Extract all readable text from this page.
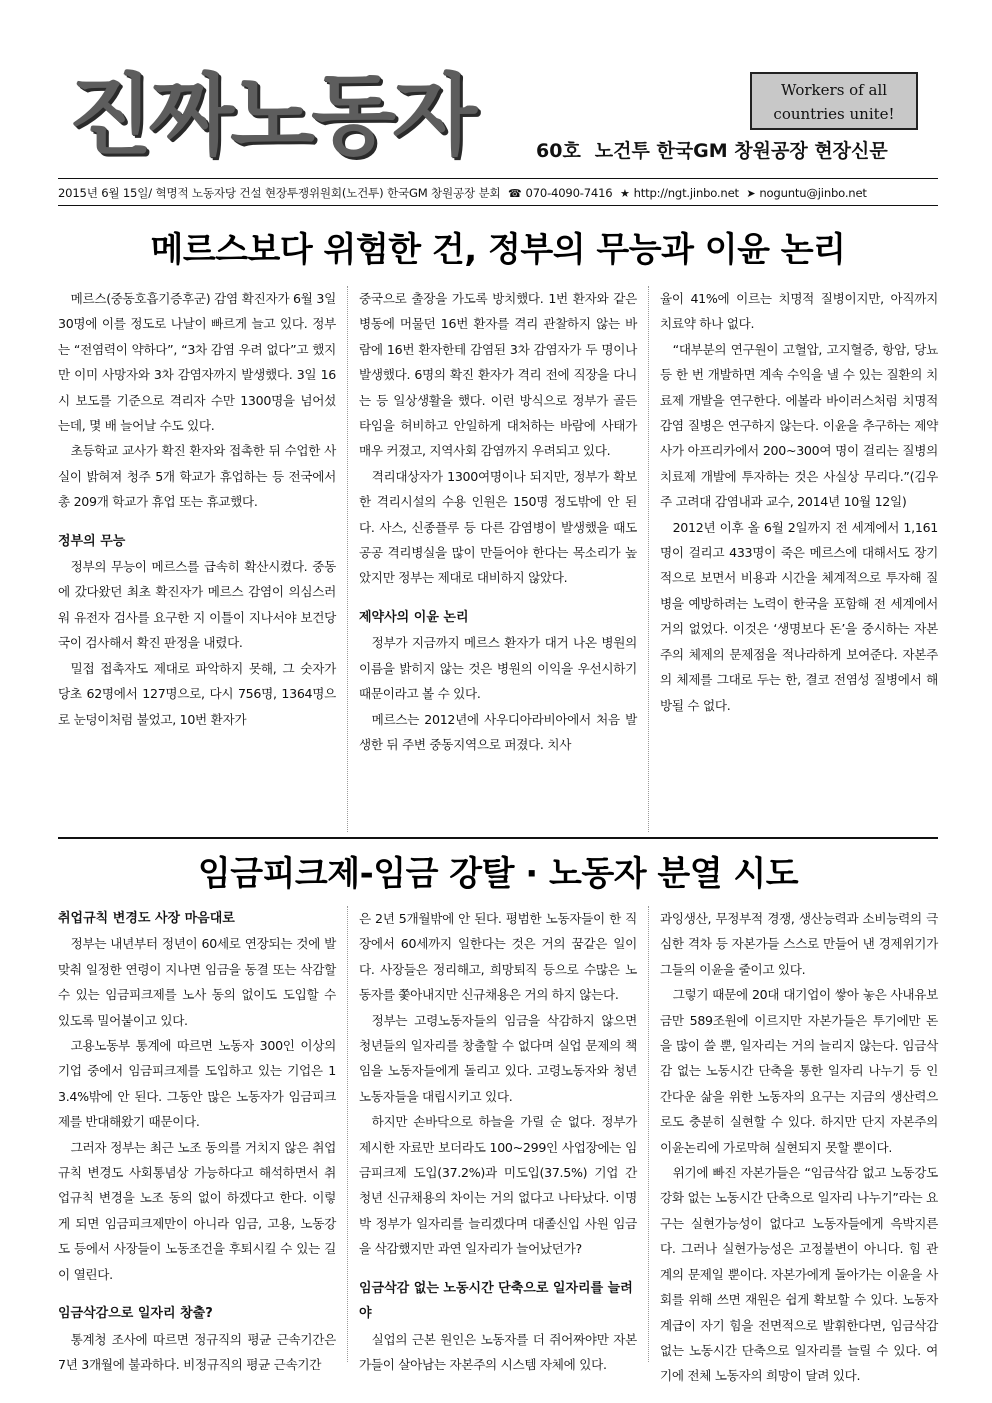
진짜노동자	Workers of all
countries unite!
60호 노건투 한국GM 창원공장 현장신문
2015년 6월 15일/ 혁명적 노동자당 건설 현장투쟁위원회(노건투) 한국GM 창원공장 분회 ☎ 070-4090-7416 ★ http://ngt.jinbo.net ➤ noguntu@jinbo.net
메르스보다 위험한 건, 정부의 무능과 이윤 논리

메르스(중동호흡기증후군) 감염 확진자가 6월 3일 30명에 이를 정도로 나날이 빠르게 늘고 있다. 정부는 “전염력이 약하다”, “3차 감염 우려 없다”고 했지만 이미 사망자와 3차 감염자까지 발생했다. 3일 16시 보도를 기준으로 격리자 수만 1300명을 넘어섰는데, 몇 배 늘어날 수도 있다.

초등학교 교사가 확진 환자와 접촉한 뒤 수업한 사실이 밝혀져 청주 5개 학교가 휴업하는 등 전국에서 총 209개 학교가 휴업 또는 휴교했다.

정부의 무능

정부의 무능이 메르스를 급속히 확산시켰다. 중동에 갔다왔던 최초 확진자가 메르스 감염이 의심스러워 유전자 검사를 요구한 지 이틀이 지나서야 보건당국이 검사해서 확진 판정을 내렸다.

밀접 접촉자도 제대로 파악하지 못해, 그 숫자가 당초 62명에서 127명으로, 다시 756명, 1364명으로 눈덩이처럼 불었고, 10번 환자가

중국으로 출장을 가도록 방치했다. 1번 환자와 같은 병동에 머물던 16번 환자를 격리 관찰하지 않는 바람에 16번 환자한테 감염된 3차 감염자가 두 명이나 발생했다. 6명의 확진 환자가 격리 전에 직장을 다니는 등 일상생활을 했다. 이런 방식으로 정부가 골든타임을 허비하고 안일하게 대처하는 바람에 사태가 매우 커졌고, 지역사회 감염까지 우려되고 있다.

격리대상자가 1300여명이나 되지만, 정부가 확보한 격리시설의 수용 인원은 150명 정도밖에 안 된다. 사스, 신종플루 등 다른 감염병이 발생했을 때도 공공 격리병실을 많이 만들어야 한다는 목소리가 높았지만 정부는 제대로 대비하지 않았다.

제약사의 이윤 논리

정부가 지금까지 메르스 환자가 대거 나온 병원의 이름을 밝히지 않는 것은 병원의 이익을 우선시하기 때문이라고 볼 수 있다.

메르스는 2012년에 사우디아라비아에서 처음 발생한 뒤 주변 중동지역으로 퍼졌다. 치사

율이 41%에 이르는 치명적 질병이지만, 아직까지 치료약 하나 없다.

“대부분의 연구원이 고혈압, 고지혈증, 항암, 당뇨 등 한 번 개발하면 계속 수익을 낼 수 있는 질환의 치료제 개발을 연구한다. 에볼라 바이러스처럼 치명적 감염 질병은 연구하지 않는다. 이윤을 추구하는 제약사가 아프리카에서 200~300여 명이 걸리는 질병의 치료제 개발에 투자하는 것은 사실상 무리다.”(김우주 고려대 감염내과 교수, 2014년 10월 12일)

2012년 이후 올 6월 2일까지 전 세계에서 1,161명이 걸리고 433명이 죽은 메르스에 대해서도 장기적으로 보면서 비용과 시간을 체계적으로 투자해 질병을 예방하려는 노력이 한국을 포함해 전 세계에서 거의 없었다. 이것은 ‘생명보다 돈’을 중시하는 자본주의 체제의 문제점을 적나라하게 보여준다. 자본주의 체제를 그대로 두는 한, 결코 전염성 질병에서 해방될 수 없다.

임금피크제-임금 강탈 · 노동자 분열 시도
취업규칙 변경도 사장 마음대로

정부는 내년부터 정년이 60세로 연장되는 것에 발맞춰 일정한 연령이 지나면 임금을 동결 또는 삭감할 수 있는 임금피크제를 노사 동의 없이도 도입할 수 있도록 밀어붙이고 있다.

고용노동부 통계에 따르면 노동자 300인 이상의 기업 중에서 임금피크제를 도입하고 있는 기업은 13.4%밖에 안 된다. 그동안 많은 노동자가 임금피크제를 반대해왔기 때문이다.

그러자 정부는 최근 노조 동의를 거치지 않은 취업규칙 변경도 사회통념상 가능하다고 해석하면서 취업규칙 변경을 노조 동의 없이 하겠다고 한다. 이렇게 되면 임금피크제만이 아니라 임금, 고용, 노동강도 등에서 사장들이 노동조건을 후퇴시킬 수 있는 길이 열린다.

임금삭감으로 일자리 창출?

통계청 조사에 따르면 정규직의 평균 근속기간은 7년 3개월에 불과하다. 비정규직의 평균 근속기간

은 2년 5개월밖에 안 된다. 평범한 노동자들이 한 직장에서 60세까지 일한다는 것은 거의 꿈같은 일이다. 사장들은 정리해고, 희망퇴직 등으로 수많은 노동자를 쫓아내지만 신규채용은 거의 하지 않는다.

정부는 고령노동자들의 임금을 삭감하지 않으면 청년들의 일자리를 창출할 수 없다며 실업 문제의 책임을 노동자들에게 돌리고 있다. 고령노동자와 청년노동자들을 대립시키고 있다.

하지만 손바닥으로 하늘을 가릴 순 없다. 정부가 제시한 자료만 보더라도 100~299인 사업장에는 임금피크제 도입(37.2%)과 미도입(37.5%) 기업 간 청년 신규채용의 차이는 거의 없다고 나타났다. 이명박 정부가 일자리를 늘리겠다며 대졸신입 사원 임금을 삭감했지만 과연 일자리가 늘어났던가?

임금삭감 없는 노동시간 단축으로 일자리를 늘려야

실업의 근본 원인은 노동자를 더 쥐어짜야만 자본가들이 살아남는 자본주의 시스템 자체에 있다.

과잉생산, 무정부적 경쟁, 생산능력과 소비능력의 극심한 격차 등 자본가들 스스로 만들어 낸 경제위기가 그들의 이윤을 줄이고 있다.

그렇기 때문에 20대 대기업이 쌓아 놓은 사내유보금만 589조원에 이르지만 자본가들은 투기에만 돈을 많이 쓸 뿐, 일자리는 거의 늘리지 않는다. 임금삭감 없는 노동시간 단축을 통한 일자리 나누기 등 인간다운 삶을 위한 노동자의 요구는 지금의 생산력으로도 충분히 실현할 수 있다. 하지만 단지 자본주의 이윤논리에 가로막혀 실현되지 못할 뿐이다.

위기에 빠진 자본가들은 “임금삭감 없고 노동강도 강화 없는 노동시간 단축으로 일자리 나누기”라는 요구는 실현가능성이 없다고 노동자들에게 윽박지른다. 그러나 실현가능성은 고정불변이 아니다. 힘 관계의 문제일 뿐이다. 자본가에게 돌아가는 이윤을 사회를 위해 쓰면 재원은 쉽게 확보할 수 있다. 노동자계급이 자기 힘을 전면적으로 발휘한다면, 임금삭감 없는 노동시간 단축으로 일자리를 늘릴 수 있다. 여기에 전체 노동자의 희망이 달려 있다.
